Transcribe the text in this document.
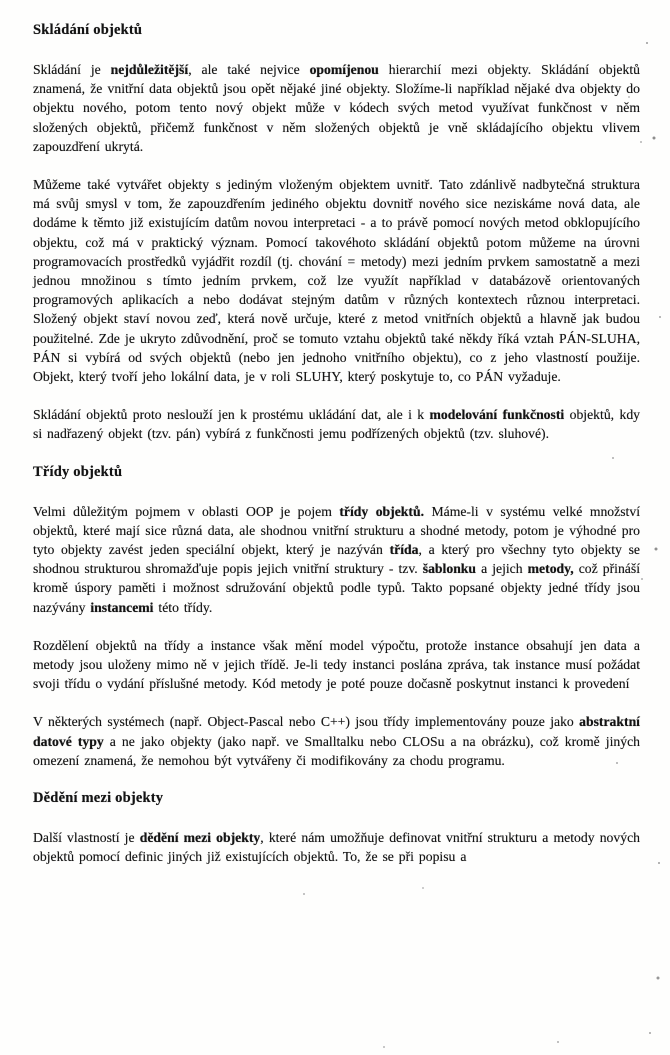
Skládání objektů
Skládání je nejdůležitější, ale také nejvice opomíjenou hierarchií mezi objekty. Skládání objektů znamená, že vnitřní data objektů jsou opět nějaké jiné objekty. Složíme-li například nějaké dva objekty do objektu nového, potom tento nový objekt může v kódech svých metod využívat funkčnost v něm složených objektů, přičemž funkčnost v něm složených objektů je vně skládajícího objektu vlivem zapouzdření ukrytá.
Můžeme také vytvářet objekty s jediným vloženým objektem uvnitř. Tato zdánlivě nadbytečná struktura má svůj smysl v tom, že zapouzdřením jediného objektu dovnitř nového sice neziskáme nová data, ale dodáme k těmto již existujícím datům novou interpretaci - a to právě pomocí nových metod obklopujícího objektu, což má v praktický význam. Pomocí takovéhoto skládání objektů potom můžeme na úrovni programovacích prostředků vyjádřit rozdíl (tj. chování = metody) mezi jedním prvkem samostatně a mezi jednou množinou s tímto jedním prvkem, což lze využít například v databázově orientovaných programových aplikacích a nebo dodávat stejným datům v různých kontextech různou interpretaci. Složený objekt staví novou zeď, která nově určuje, které z metod vnitřních objektů a hlavně jak budou použitelné. Zde je ukryto zdůvodnění, proč se tomuto vztahu objektů také někdy říká vztah PÁN-SLUHA, PÁN si vybírá od svých objektů (nebo jen jednoho vnitřního objektu), co z jeho vlastností použije. Objekt, který tvoří jeho lokální data, je v roli SLUHY, který poskytuje to, co PÁN vyžaduje.
Skládání objektů proto neslouží jen k prostému ukládání dat, ale i k modelování funkčnosti objektů, kdy si nadřazený objekt (tzv. pán) vybírá z funkčnosti jemu podřízených objektů (tzv. sluhové).
Třídy objektů
Velmi důležitým pojmem v oblasti OOP je pojem třídy objektů. Máme-li v systému velké množství objektů, které mají sice různá data, ale shodnou vnitřní strukturu a shodné metody, potom je výhodné pro tyto objekty zavést jeden speciální objekt, který je nazýván třída, a který pro všechny tyto objekty se shodnou strukturou shromažďuje popis jejich vnitřní struktury - tzv. šablonku a jejich metody, což přináší kromě úspory paměti i možnost sdružování objektů podle typů. Takto popsané objekty jedné třídy jsou nazývány instancemi této třídy.
Rozdělení objektů na třídy a instance však mění model výpočtu, protože instance obsahují jen data a metody jsou uloženy mimo ně v jejich třídě. Je-li tedy instanci poslána zpráva, tak instance musí požádat svoji třídu o vydání příslušné metody. Kód metody je poté pouze dočasně poskytnut instanci k provedení
V některých systémech (např. Object-Pascal nebo C++) jsou třídy implementovány pouze jako abstraktní datové typy a ne jako objekty (jako např. ve Smalltalku nebo CLOSu a na obrázku), což kromě jiných omezení znamená, že nemohou být vytvářeny či modifikovány za chodu programu.
Dědění mezi objekty
Další vlastností je dědění mezi objekty, které nám umožňuje definovat vnitřní strukturu a metody nových objektů pomocí definic jiných již existujících objektů. To, že se při popisu a
